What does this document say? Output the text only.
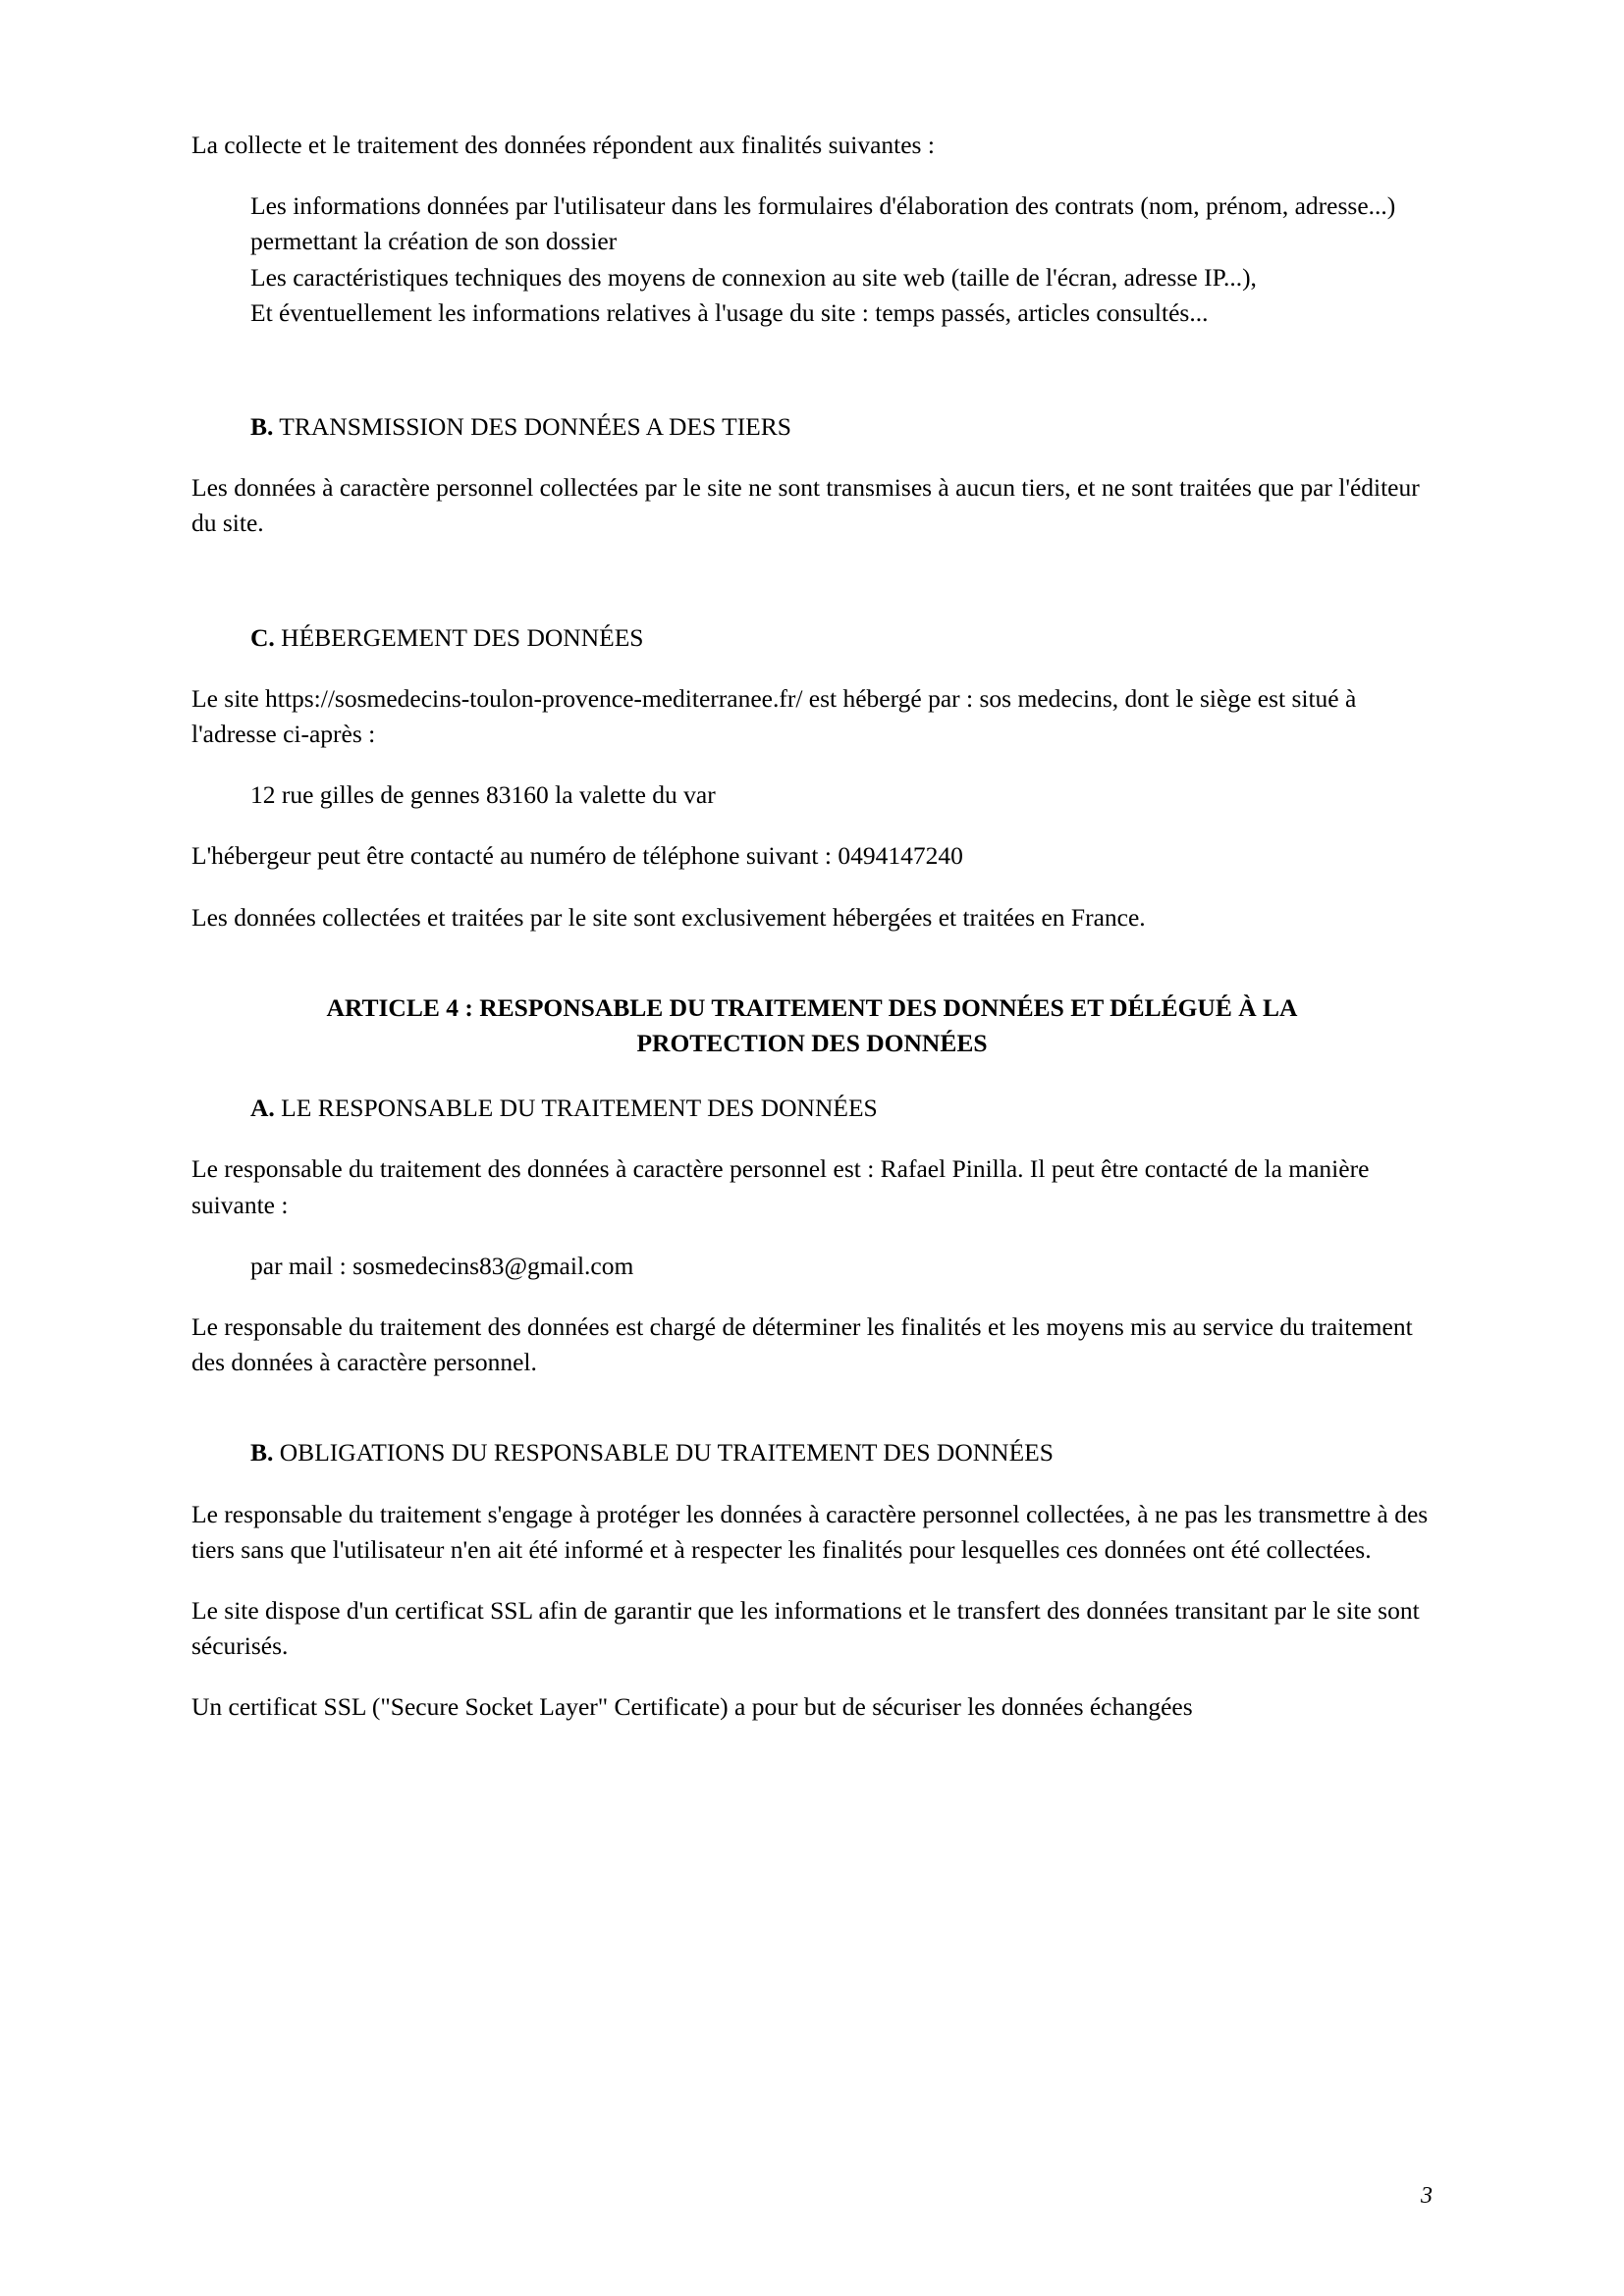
La collecte et le traitement des données répondent aux finalités suivantes :

Les informations données par l'utilisateur dans les formulaires d'élaboration des contrats (nom, prénom, adresse...) permettant la création de son dossier

Les caractéristiques techniques des moyens de connexion au site web (taille de l'écran, adresse IP...),

Et éventuellement les informations relatives à l'usage du site : temps passés, articles consultés...

B. TRANSMISSION DES DONNÉES A DES TIERS

Les données à caractère personnel collectées par le site ne sont transmises à aucun tiers, et ne sont traitées que par l'éditeur du site.

C. HÉBERGEMENT DES DONNÉES

Le site https://sosmedecins-toulon-provence-mediterranee.fr/ est hébergé par : sos medecins, dont le siège est situé à l'adresse ci-après :

12 rue gilles de gennes 83160 la valette du var

L'hébergeur peut être contacté au numéro de téléphone suivant : 0494147240

Les données collectées et traitées par le site sont exclusivement hébergées et traitées en France.

ARTICLE 4 : RESPONSABLE DU TRAITEMENT DES DONNÉES ET DÉLÉGUÉ À LA
PROTECTION DES DONNÉES

A. LE RESPONSABLE DU TRAITEMENT DES DONNÉES

Le responsable du traitement des données à caractère personnel est : Rafael Pinilla. Il peut être contacté de la manière suivante :

par mail : sosmedecins83@gmail.com

Le responsable du traitement des données est chargé de déterminer les finalités et les moyens mis au service du traitement des données à caractère personnel.

B. OBLIGATIONS DU RESPONSABLE DU TRAITEMENT DES DONNÉES

Le responsable du traitement s'engage à protéger les données à caractère personnel collectées, à ne pas les transmettre à des tiers sans que l'utilisateur n'en ait été informé et à respecter les finalités pour lesquelles ces données ont été collectées.

Le site dispose d'un certificat SSL afin de garantir que les informations et le transfert des données transitant par le site sont sécurisés.

Un certificat SSL ("Secure Socket Layer" Certificate) a pour but de sécuriser les données échangées

3
